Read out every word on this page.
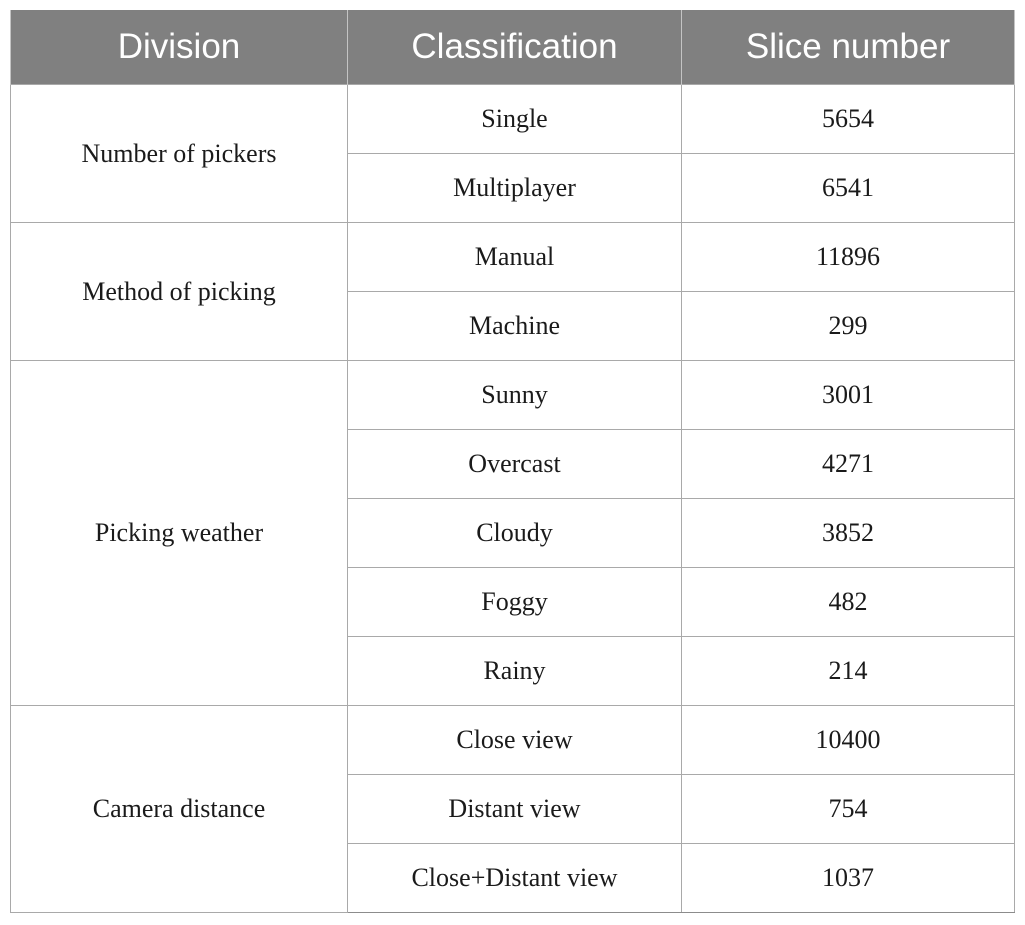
Division	Classification	Slice number
Number of pickers	Single	5654
	Multiplayer	6541
Method of picking	Manual	11896
	Machine	299
Picking weather	Sunny	3001
	Overcast	4271
	Cloudy	3852
	Foggy	482
	Rainy	214
Camera distance	Close view	10400
	Distant view	754
	Close+Distant view	1037
